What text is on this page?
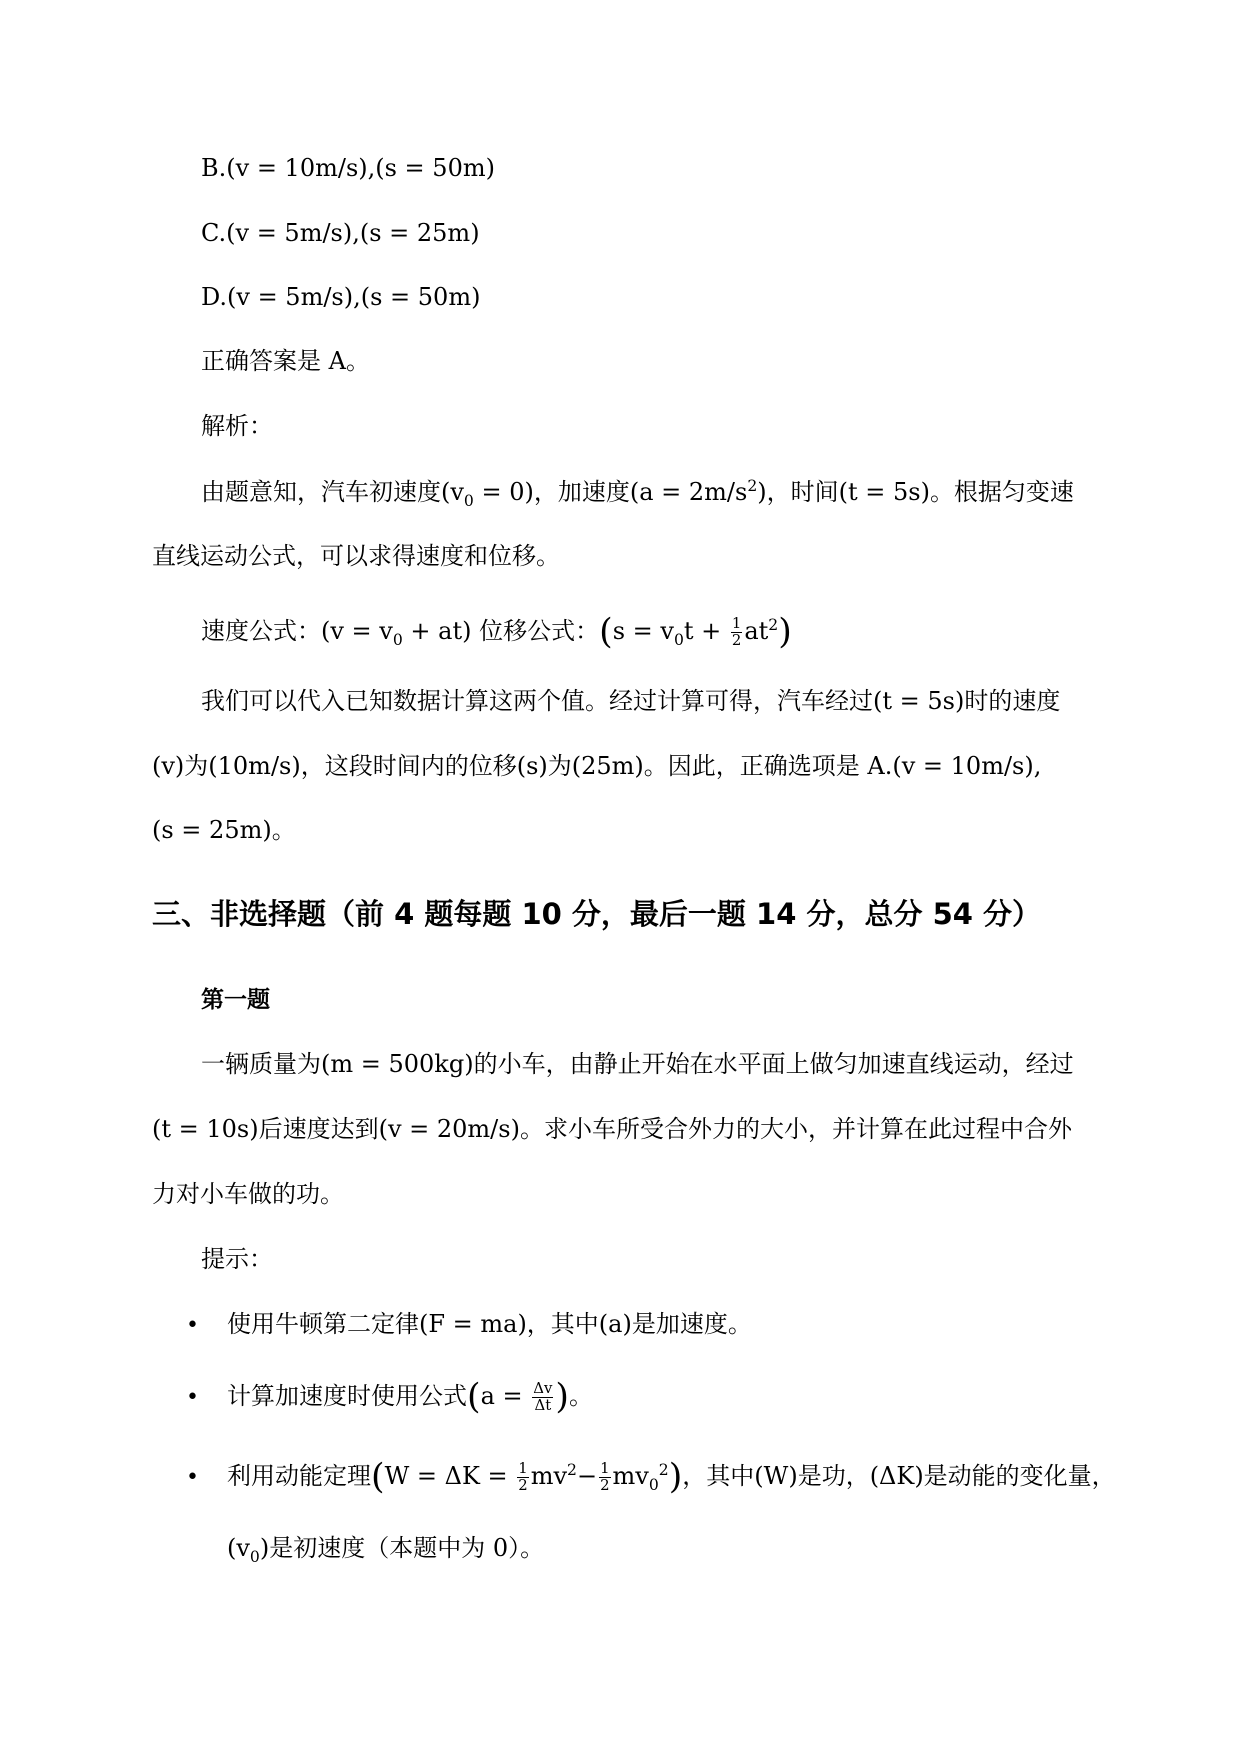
B.(v = 10m/s),(s = 50m)
C.(v = 5m/s),(s = 25m)
D.(v = 5m/s),(s = 50m)
正确答案是 A。
解析：
由题意知，汽车初速度$(v_0 = 0)$，加速度$(a = 2m/s^2)$，时间(t = 5s)。根据匀变速
直线运动公式，可以求得速度和位移。
速度公式：$(v = v_0 + at)$ 位移公式：$(s = v_0t + \frac{1}{2} at^2)$
我们可以代入已知数据计算这两个值。经过计算可得，汽车经过(t = 5s)时的速度
(v)为(10m/s)，这段时间内的位移(s)为(25m)。因此，正确选项是 A.(v = 10m/s),
(s = 25m)。
三、非选择题（前 4 题每题 10 分，最后一题 14 分，总分 54 分）
第一题
一辆质量为(m = 500kg)的小车，由静止开始在水平面上做匀加速直线运动，经过
(t = 10s)后速度达到(v = 20m/s)。求小车所受合外力的大小，并计算在此过程中合外
力对小车做的功。
提示：
• 使用牛顿第二定律(F = ma)，其中(a)是加速度。
• 计算加速度时使用公式($a = \frac{\Delta v}{\Delta t}$ )。
• 利用动能定理$(W = \Delta K = \frac{1}{2} mv^2- \frac{1}{2} mv_0^2)$，其中(W)是功，(ΔK)是动能的变化量，
$(v_0)$是初速度（本题中为 0）。
